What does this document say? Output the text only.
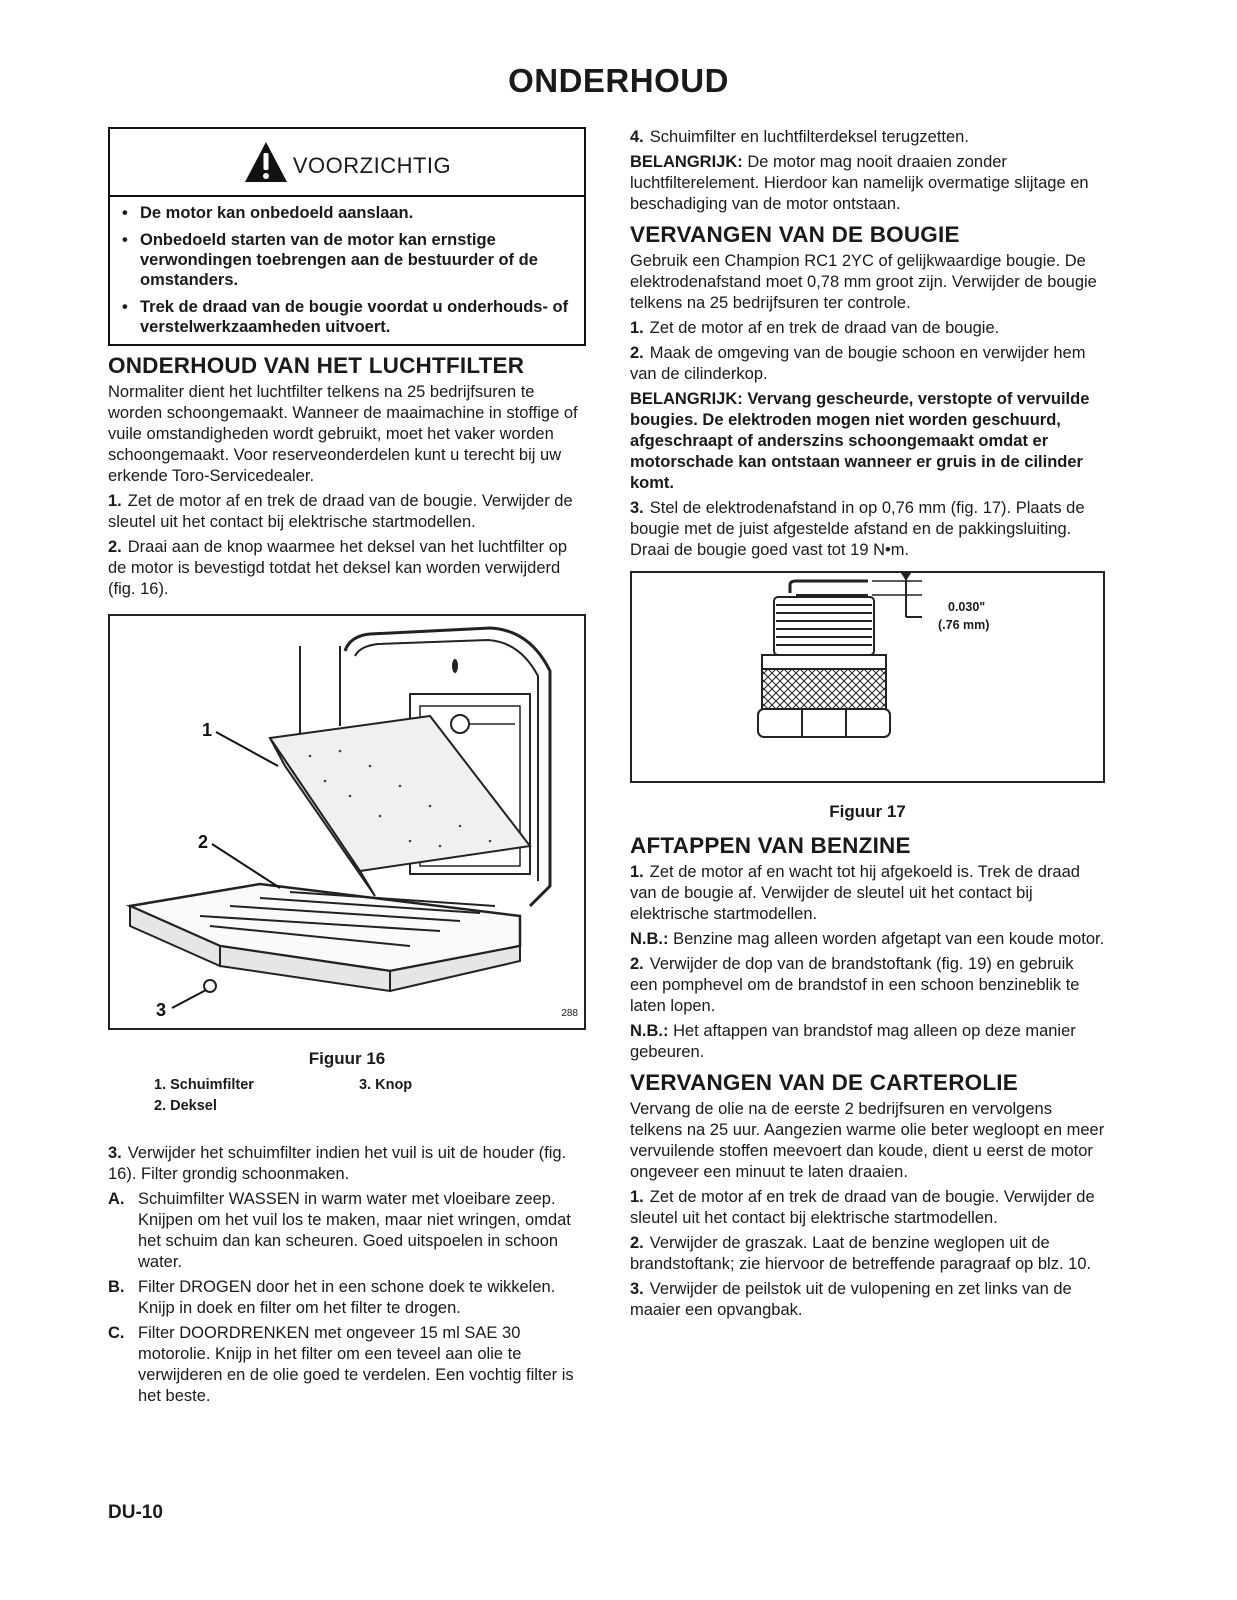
ONDERHOUD
VOORZICHTIG
• De motor kan onbedoeld aanslaan.
• Onbedoeld starten van de motor kan ernstige verwondingen toebrengen aan de bestuurder of de omstanders.
• Trek de draad van de bougie voordat u onderhouds- of verstelwerkzaamheden uitvoert.
ONDERHOUD VAN HET LUCHTFILTER

Normaliter dient het luchtfilter telkens na 25 bedrijfsuren te worden schoongemaakt. Wanneer de maaimachine in stoffige of vuile omstandigheden wordt gebruikt, moet het vaker worden schoongemaakt. Voor reserveonderdelen kunt u terecht bij uw erkende Toro-Servicedealer.

1. Zet de motor af en trek de draad van de bougie. Verwijder de sleutel uit het contact bij elektrische startmodellen.

2. Draai aan de knop waarmee het deksel van het luchtfilter op de motor is bevestigd totdat het deksel kan worden verwijderd (fig. 16).

1
2
3	288
Figuur 16
1. Schuimfilter	3. Knop
2. Deksel

3. Verwijder het schuimfilter indien het vuil is uit de houder (fig. 16). Filter grondig schoonmaken.

A. Schuimfilter WASSEN in warm water met vloeibare zeep. Knijpen om het vuil los te maken, maar niet wringen, omdat het schuim dan kan scheuren. Goed uitspoelen in schoon water.
B. Filter DROGEN door het in een schone doek te wikkelen. Knijp in doek en filter om het filter te drogen.
C. Filter DOORDRENKEN met ongeveer 15 ml SAE 30 motorolie. Knijp in het filter om een teveel aan olie te verwijderen en de olie goed te verdelen. Een vochtig filter is het beste.

4. Schuimfilter en luchtfilterdeksel terugzetten.

BELANGRIJK: De motor mag nooit draaien zonder luchtfilterelement. Hierdoor kan namelijk overmatige slijtage en beschadiging van de motor ontstaan.

VERVANGEN VAN DE BOUGIE

Gebruik een Champion RC1 2YC of gelijkwaardige bougie. De elektrodenafstand moet 0,78 mm groot zijn. Verwijder de bougie telkens na 25 bedrijfsuren ter controle.

1. Zet de motor af en trek de draad van de bougie.

2. Maak de omgeving van de bougie schoon en verwijder hem van de cilinderkop.

BELANGRIJK: Vervang gescheurde, verstopte of vervuilde bougies. De elektroden mogen niet worden geschuurd, afgeschraapt of anderszins schoongemaakt omdat er motorschade kan ontstaan wanneer er gruis in de cilinder komt.

3. Stel de elektrodenafstand in op 0,76 mm (fig. 17). Plaats de bougie met de juist afgestelde afstand en de pakkingsluiting. Draai de bougie goed vast tot 19 N•m.

0.030"
(.76 mm)
Figuur 17
AFTAPPEN VAN BENZINE

1. Zet de motor af en wacht tot hij afgekoeld is. Trek de draad van de bougie af. Verwijder de sleutel uit het contact bij elektrische startmodellen.

N.B.: Benzine mag alleen worden afgetapt van een koude motor.

2. Verwijder de dop van de brandstoftank (fig. 19) en gebruik een pomphevel om de brandstof in een schoon benzineblik te laten lopen.

N.B.: Het aftappen van brandstof mag alleen op deze manier gebeuren.

VERVANGEN VAN DE CARTEROLIE

Vervang de olie na de eerste 2 bedrijfsuren en vervolgens telkens na 25 uur. Aangezien warme olie beter wegloopt en meer vervuilende stoffen meevoert dan koude, dient u eerst de motor ongeveer een minuut te laten draaien.

1. Zet de motor af en trek de draad van de bougie. Verwijder de sleutel uit het contact bij elektrische startmodellen.

2. Verwijder de graszak. Laat de benzine weglopen uit de brandstoftank; zie hiervoor de betreffende paragraaf op blz. 10.

3. Verwijder de peilstok uit de vulopening en zet links van de maaier een opvangbak.

DU-10
